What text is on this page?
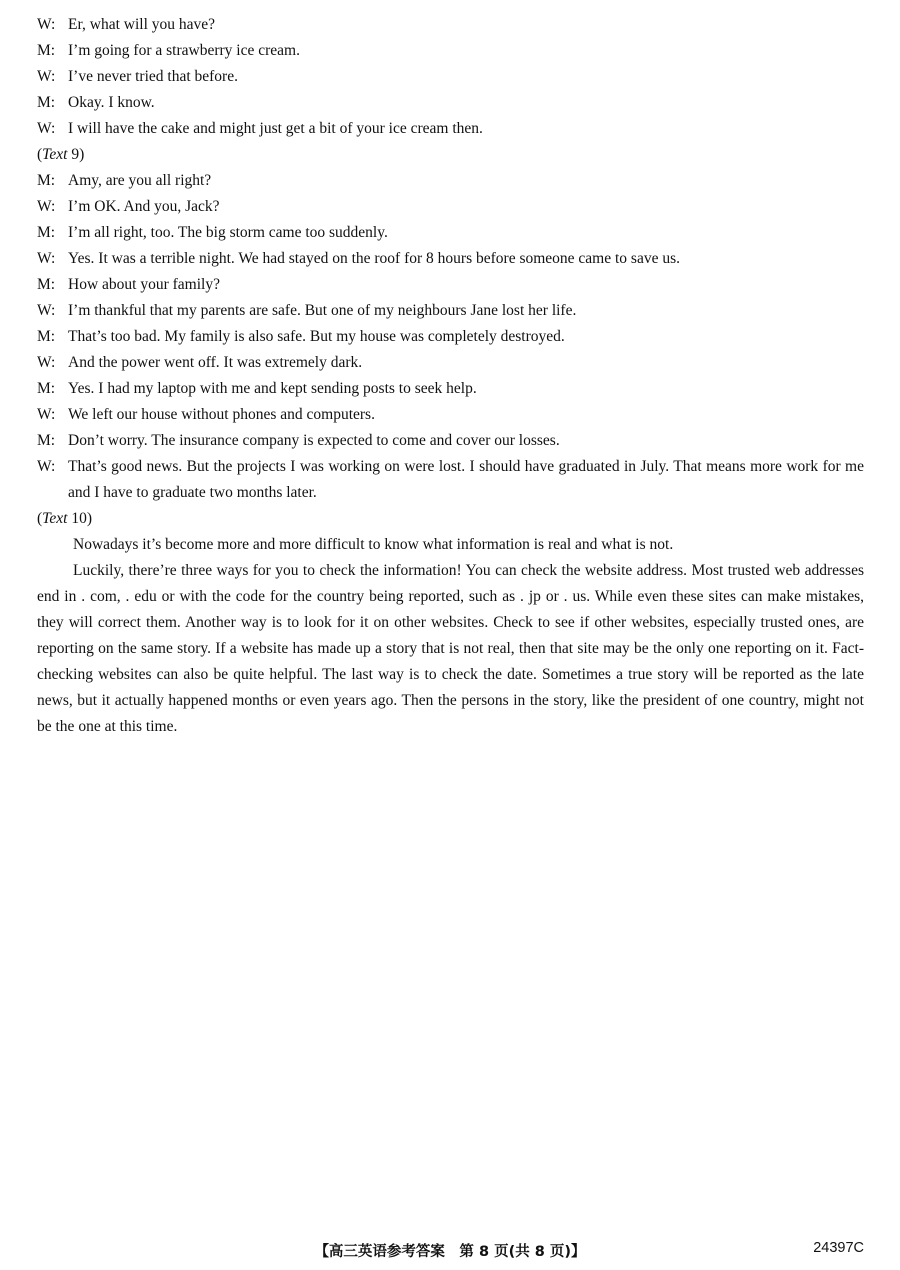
W: Er, what will you have?
M: I’m going for a strawberry ice cream.
W: I’ve never tried that before.
M: Okay. I know.
W: I will have the cake and might just get a bit of your ice cream then.
(Text 9)
M: Amy, are you all right?
W: I’m OK. And you, Jack?
M: I’m all right, too. The big storm came too suddenly.
W: Yes. It was a terrible night. We had stayed on the roof for 8 hours before someone came to save us.
M: How about your family?
W: I’m thankful that my parents are safe. But one of my neighbours Jane lost her life.
M: That’s too bad. My family is also safe. But my house was completely destroyed.
W: And the power went off. It was extremely dark.
M: Yes. I had my laptop with me and kept sending posts to seek help.
W: We left our house without phones and computers.
M: Don’t worry. The insurance company is expected to come and cover our losses.
W: That’s good news. But the projects I was working on were lost. I should have graduated in July. That means more work for me and I have to graduate two months later.
(Text 10)

Nowadays it’s become more and more difficult to know what information is real and what is not.

Luckily, there’re three ways for you to check the information! You can check the website address. Most trusted web addresses end in . com, . edu or with the code for the country being reported, such as . jp or . us. While even these sites can make mistakes, they will correct them. Another way is to look for it on other websites. Check to see if other websites, especially trusted ones, are reporting on the same story. If a website has made up a story that is not real, then that site may be the only one reporting on it. Fact-checking websites can also be quite helpful. The last way is to check the date. Sometimes a true story will be reported as the late news, but it actually happened months or even years ago. Then the persons in the story, like the president of one country, might not be the one at this time.

【高三英语参考答案　第 8 页(共 8 页)】	24397C
